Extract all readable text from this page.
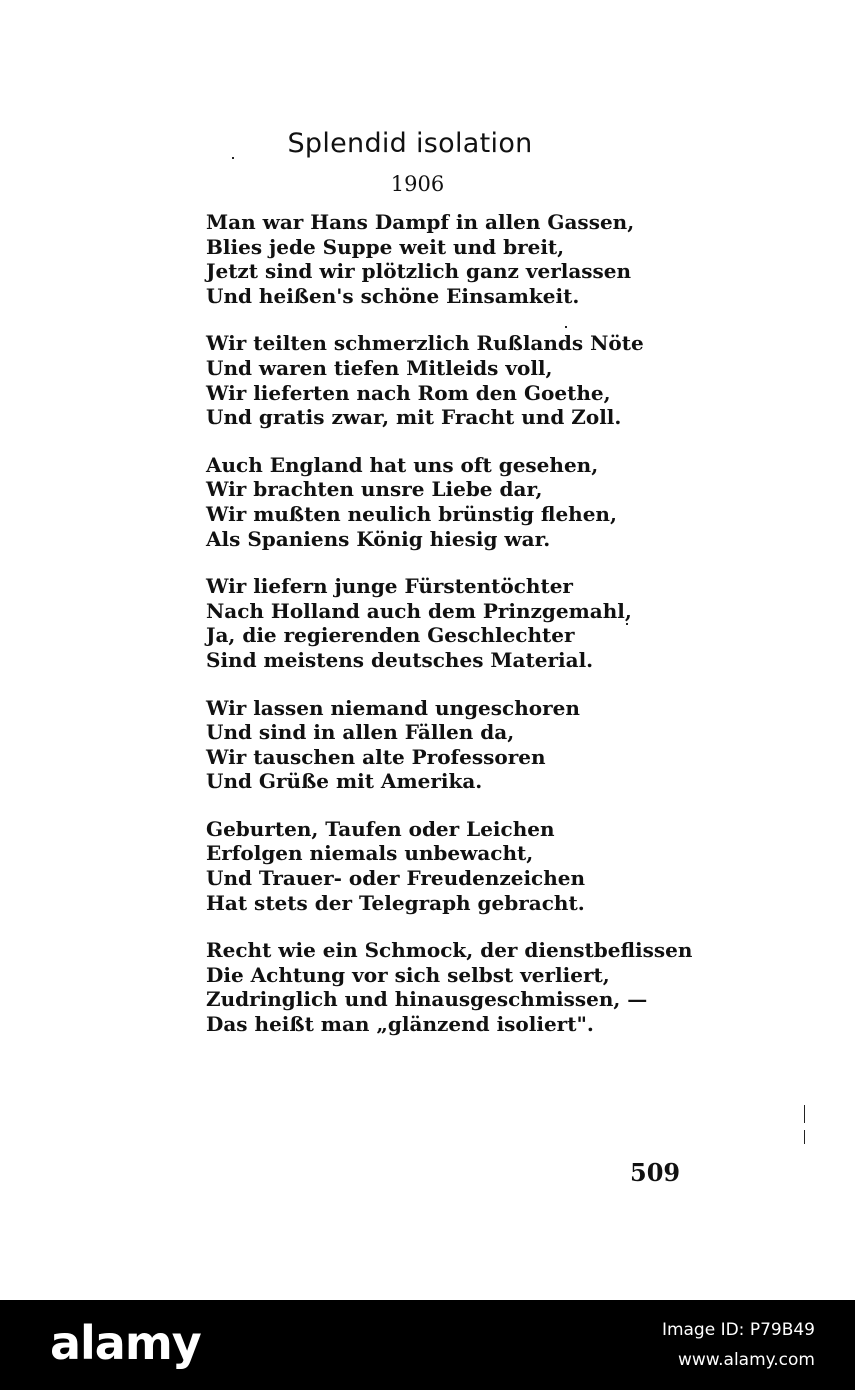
Splendid isolation
1906
Man war Hans Dampf in allen Gassen,
Blies jede Suppe weit und breit,
Jetzt sind wir plötzlich ganz verlassen
Und heißen's schöne Einsamkeit.
Wir teilten schmerzlich Rußlands Nöte
Und waren tiefen Mitleids voll,
Wir lieferten nach Rom den Goethe,
Und gratis zwar, mit Fracht und Zoll.
Auch England hat uns oft gesehen,
Wir brachten unsre Liebe dar,
Wir mußten neulich brünstig flehen,
Als Spaniens König hiesig war.
Wir liefern junge Fürstentöchter
Nach Holland auch dem Prinzgemahl,
Ja, die regierenden Geschlechter
Sind meistens deutsches Material.
Wir lassen niemand ungeschoren
Und sind in allen Fällen da,
Wir tauschen alte Professoren
Und Grüße mit Amerika.
Geburten, Taufen oder Leichen
Erfolgen niemals unbewacht,
Und Trauer- oder Freudenzeichen
Hat stets der Telegraph gebracht.
Recht wie ein Schmock, der dienstbeflissen
Die Achtung vor sich selbst verliert,
Zudringlich und hinausgeschmissen, —
Das heißt man „glänzend isoliert".
509
alamy	Image ID: P79B49
www.alamy.com
